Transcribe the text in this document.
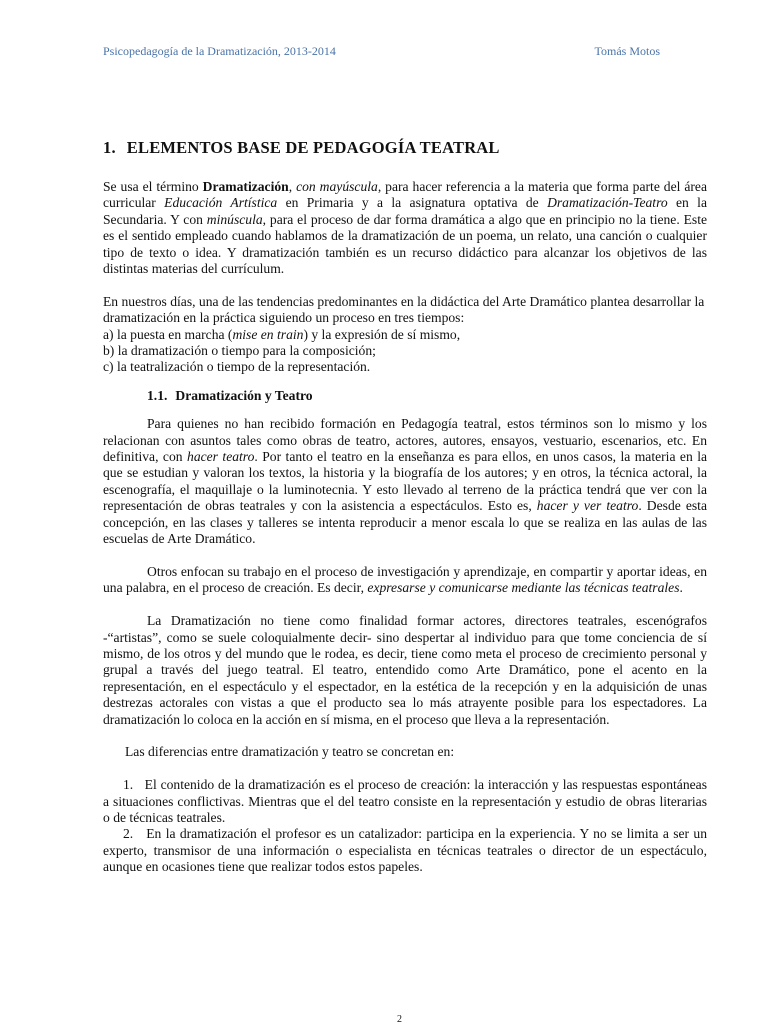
Psicopedagogía de la Dramatización, 2013-2014	Tomás Motos
1. ELEMENTOS BASE DE PEDAGOGÍA TEATRAL

Se usa el término Dramatización, con mayúscula, para hacer referencia a la materia que forma parte del área curricular Educación Artística en Primaria y a la asignatura optativa de Dramatización-Teatro en la Secundaria. Y con minúscula, para el proceso de dar forma dramática a algo que en principio no la tiene. Este es el sentido empleado cuando hablamos de la dramatización de un poema, un relato, una canción o cualquier tipo de texto o idea. Y dramatización también es un recurso didáctico para alcanzar los objetivos de las distintas materias del currículum.

En nuestros días, una de las tendencias predominantes en la didáctica del Arte Dramático plantea desarrollar la dramatización en la práctica siguiendo un proceso en tres tiempos:
a) la puesta en marcha (mise en train) y la expresión de sí mismo,
b) la dramatización o tiempo para la composición;
c) la teatralización o tiempo de la representación.

1.1. Dramatización y Teatro

Para quienes no han recibido formación en Pedagogía teatral, estos términos son lo mismo y los relacionan con asuntos tales como obras de teatro, actores, autores, ensayos, vestuario, escenarios, etc. En definitiva, con hacer teatro. Por tanto el teatro en la enseñanza es para ellos, en unos casos, la materia en la que se estudian y valoran los textos, la historia y la biografía de los autores; y en otros, la técnica actoral, la escenografía, el maquillaje o la luminotecnia. Y esto llevado al terreno de la práctica tendrá que ver con la representación de obras teatrales y con la asistencia a espectáculos. Esto es, hacer y ver teatro. Desde esta concepción, en las clases y talleres se intenta reproducir a menor escala lo que se realiza en las aulas de las escuelas de Arte Dramático.

Otros enfocan su trabajo en el proceso de investigación y aprendizaje, en compartir y aportar ideas, en una palabra, en el proceso de creación. Es decir, expresarse y comunicarse mediante las técnicas teatrales.

La Dramatización no tiene como finalidad formar actores, directores teatrales, escenógrafos -“artistas”, como se suele coloquialmente decir- sino despertar al individuo para que tome conciencia de sí mismo, de los otros y del mundo que le rodea, es decir, tiene como meta el proceso de crecimiento personal y grupal a través del juego teatral. El teatro, entendido como Arte Dramático, pone el acento en la representación, en el espectáculo y el espectador, en la estética de la recepción y en la adquisición de unas destrezas actorales con vistas a que el producto sea lo más atrayente posible para los espectadores. La dramatización lo coloca en la acción en sí misma, en el proceso que lleva a la representación.

Las diferencias entre dramatización y teatro se concretan en:

1. El contenido de la dramatización es el proceso de creación: la interacción y las respuestas espontáneas a situaciones conflictivas. Mientras que el del teatro consiste en la representación y estudio de obras literarias o de técnicas teatrales.

2. En la dramatización el profesor es un catalizador: participa en la experiencia. Y no se limita a ser un experto, transmisor de una información o especialista en técnicas teatrales o director de un espectáculo, aunque en ocasiones tiene que realizar todos estos papeles.

2
